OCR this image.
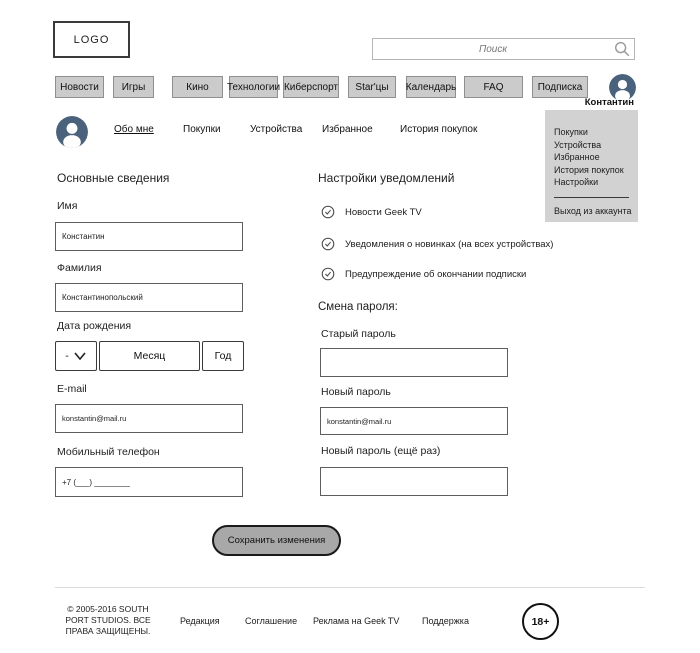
LOGO
Поиск
Новости	Игры	Кино	Технологии Киберспорт	Star'цы	Календарь	FAQ	Подписка
Контантин
Покупки
Устройства
Избранное
История покупок
Настройки
Выход из аккаунта
Обо мне	Покупки	Устройства Избранное	История покупок
Основные сведения
Имя
Константин
Фамилия
Константинопольский
Дата рождения
-	Месяц	Год
E-mail
konstantin@mail.ru
Мобильный телефон
+7 (___) ________
Настройки уведомлений
Новости Geek TV
Уведомления о новинках (на всех устройствах)
Предупреждение об окончании подписки
Смена пароля:
Старый пароль
Новый пароль
konstantin@mail.ru
Новый пароль (ещё раз)
Сохранить изменения
© 2005-2016 SOUTH PORT STUDIOS. ВСЕ ПРАВА ЗАЩИЩЕНЫ.
Редакция	Соглашение Реклама на Geek TV	Поддержка	18+
